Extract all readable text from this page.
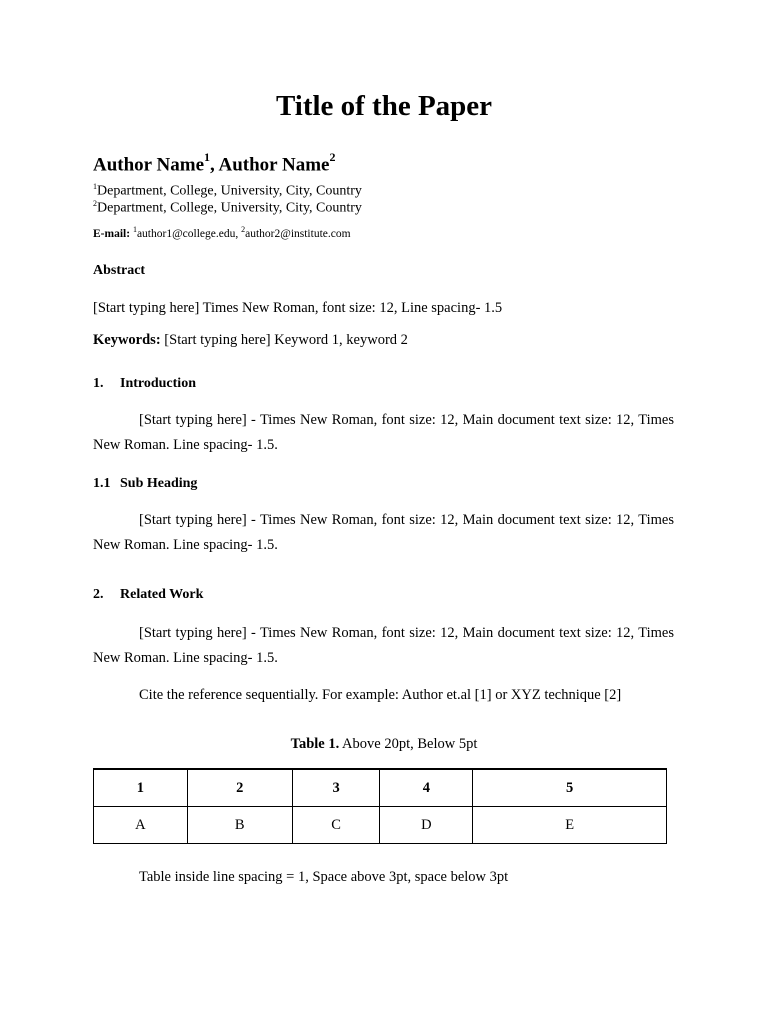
Title of the Paper
Author Name$^1$, Author Name$^2$
$^1$Department, College, University, City, Country
$^2$Department, College, University, City, Country
E-mail: $^1$author1@college.edu, $^2$author2@institute.com
Abstract
[Start typing here] Times New Roman, font size: 12, Line spacing- 1.5
Keywords: [Start typing here] Keyword 1, keyword 2
1. Introduction

[Start typing here] - Times New Roman, font size: 12, Main document text size: 12, Times New Roman. Line spacing- 1.5.

1.1 Sub Heading

[Start typing here] - Times New Roman, font size: 12, Main document text size: 12, Times New Roman. Line spacing- 1.5.

2. Related Work

[Start typing here] - Times New Roman, font size: 12, Main document text size: 12, Times New Roman. Line spacing- 1.5.

Cite the reference sequentially. For example: Author et.al [1] or XYZ technique [2]
Table 1. Above 20pt, Below 5pt
1	2	3	4	5
A	B	C	D	E
Table inside line spacing = 1, Space above 3pt, space below 3pt
